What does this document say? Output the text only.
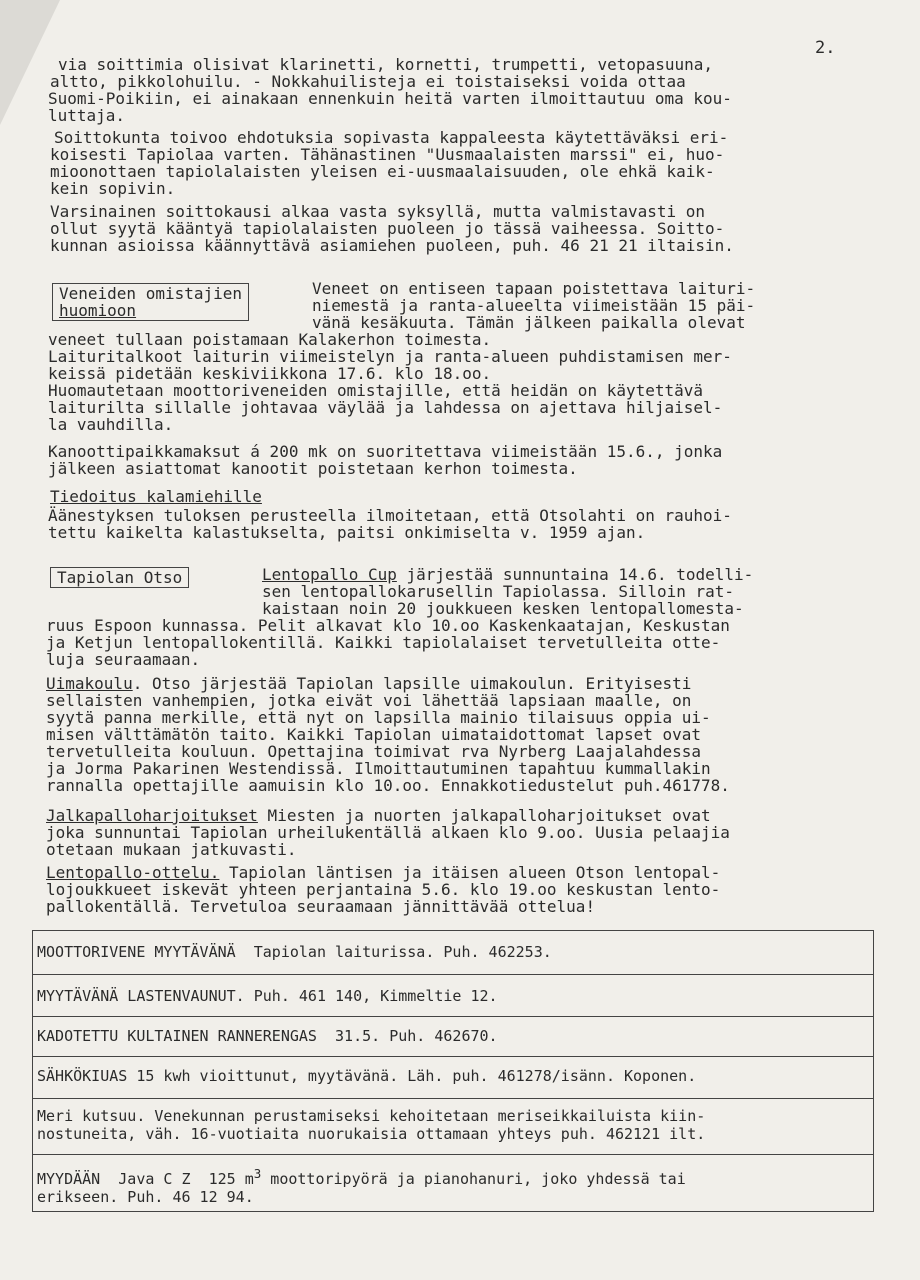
2.
via soittimia olisivat klarinetti, kornetti, trumpetti, vetopasuuna,
altto, pikkolohuilu. - Nokkahuilisteja ei toistaiseksi voida ottaa
Suomi-Poikiin, ei ainakaan ennenkuin heitä varten ilmoittautuu oma kou-
luttaja.
Soittokunta toivoo ehdotuksia sopivasta kappaleesta käytettäväksi eri-
koisesti Tapiolaa varten. Tähänastinen "Uusmaalaisten marssi" ei, huo-
mioonottaen tapiolalaisten yleisen ei-uusmaalaisuuden, ole ehkä kaik-
kein sopivin.
Varsinainen soittokausi alkaa vasta syksyllä, mutta valmistavasti on
ollut syytä kääntyä tapiolalaisten puoleen jo tässä vaiheessa. Soitto-
kunnan asioissa käännyttävä asiamiehen puoleen, puh. 46 21 21 iltaisin.
Veneiden omistajien
huomioon
Veneet on entiseen tapaan poistettava laituri-
niemestä ja ranta-alueelta viimeistään 15 päi-
vänä kesäkuuta. Tämän jälkeen paikalla olevat
veneet tullaan poistamaan Kalakerhon toimesta.
Laituritalkoot laiturin viimeistelyn ja ranta-alueen puhdistamisen mer-
keissä pidetään keskiviikkona 17.6. klo 18.oo.
Huomautetaan moottoriveneiden omistajille, että heidän on käytettävä
laiturilta sillalle johtavaa väylää ja lahdessa on ajettava hiljaisel-
la vauhdilla.
Kanoottipaikkamaksut á 200 mk on suoritettava viimeistään 15.6., jonka
jälkeen asiattomat kanootit poistetaan kerhon toimesta.
Tiedoitus kalamiehille
Äänestyksen tuloksen perusteella ilmoitetaan, että Otsolahti on rauhoi-
tettu kaikelta kalastukselta, paitsi onkimiselta v. 1959 ajan.
Tapiolan Otso	Lentopallo Cup järjestää sunnuntaina 14.6. todelli-
sen lentopallokarusellin Tapiolassa. Silloin rat-
kaistaan noin 20 joukkueen kesken lentopallomesta-
ruus Espoon kunnassa. Pelit alkavat klo 10.oo Kaskenkaatajan, Keskustan
ja Ketjun lentopallokentillä. Kaikki tapiolalaiset tervetulleita otte-
luja seuraamaan.
Uimakoulu. Otso järjestää Tapiolan lapsille uimakoulun. Erityisesti
sellaisten vanhempien, jotka eivät voi lähettää lapsiaan maalle, on
syytä panna merkille, että nyt on lapsilla mainio tilaisuus oppia ui-
misen välttämätön taito. Kaikki Tapiolan uimataidottomat lapset ovat
tervetulleita kouluun. Opettajina toimivat rva Nyrberg Laajalahdessa
ja Jorma Pakarinen Westendissä. Ilmoittautuminen tapahtuu kummallakin
rannalla opettajille aamuisin klo 10.oo. Ennakkotiedustelut puh.461778.
Jalkapalloharjoitukset Miesten ja nuorten jalkapalloharjoitukset ovat
joka sunnuntai Tapiolan urheilukentällä alkaen klo 9.oo. Uusia pelaajia
otetaan mukaan jatkuvasti.
Lentopallo-ottelu. Tapiolan läntisen ja itäisen alueen Otson lentopal-
lojoukkueet iskevät yhteen perjantaina 5.6. klo 19.oo keskustan lento-
pallokentällä. Tervetuloa seuraamaan jännittävää ottelua!
MOOTTORIVENE MYYTÄVÄNÄ  Tapiolan laiturissa. Puh. 462253.
MYYTÄVÄNÄ LASTENVAUNUT. Puh. 461 140, Kimmeltie 12.
KADOTETTU KULTAINEN RANNERENGAS  31.5. Puh. 462670.
SÄHKÖKIUAS 15 kwh vioittunut, myytävänä. Läh. puh. 461278/isänn. Koponen.
Meri kutsuu. Venekunnan perustamiseksi kehoitetaan meriseikkailuista kiin-
nostuneita, väh. 16-vuotiaita nuorukaisia ottamaan yhteys puh. 462121 ilt.
MYYDÄÄN  Java C Z  125 $m^3$ moottoripyörä ja pianohanuri, joko yhdessä tai
erikseen. Puh. 46 12 94.
